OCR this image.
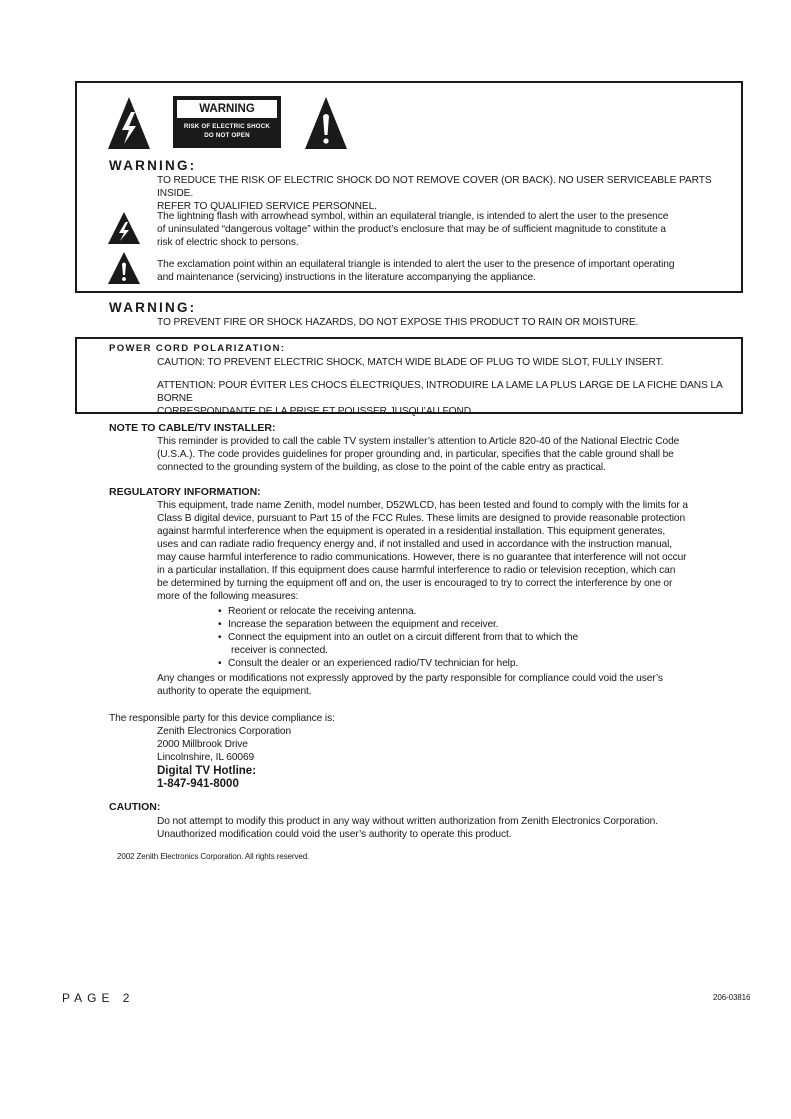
WARNING
RISK OF ELECTRIC SHOCK
DO NOT OPEN
WARNING:
TO REDUCE THE RISK OF ELECTRIC SHOCK DO NOT REMOVE COVER (OR BACK). NO USER SERVICEABLE PARTS INSIDE.
REFER TO QUALIFIED SERVICE PERSONNEL.
The lightning flash with arrowhead symbol, within an equilateral triangle, is intended to alert the user to the presence
of uninsulated “dangerous voltage” within the product’s enclosure that may be of sufficient magnitude to constitute a
risk of electric shock to persons.
The exclamation point within an equilateral triangle is intended to alert the user to the presence of important operating
and maintenance (servicing) instructions in the literature accompanying the appliance.
WARNING:
TO PREVENT FIRE OR SHOCK HAZARDS, DO NOT EXPOSE THIS PRODUCT TO RAIN OR MOISTURE.
POWER CORD POLARIZATION:
CAUTION: TO PREVENT ELECTRIC SHOCK, MATCH WIDE BLADE OF PLUG TO WIDE SLOT, FULLY INSERT.
ATTENTION: POUR ÉVITER LES CHOCS ÉLECTRIQUES, INTRODUIRE LA LAME LA PLUS LARGE DE LA FICHE DANS LA BORNE
CORRESPONDANTE DE LA PRISE ET POUSSER JUSQU’AU FOND.
NOTE TO CABLE/TV INSTALLER:
This reminder is provided to call the cable TV system installer’s attention to Article 820-40 of the National Electric Code
(U.S.A.). The code provides guidelines for proper grounding and, in particular, specifies that the cable ground shall be
connected to the grounding system of the building, as close to the point of the cable entry as practical.
REGULATORY INFORMATION:
This equipment, trade name Zenith, model number, D52WLCD, has been tested and found to comply with the limits for a
Class B digital device, pursuant to Part 15 of the FCC Rules. These limits are designed to provide reasonable protection
against harmful interference when the equipment is operated in a residential installation. This equipment generates,
uses and can radiate radio frequency energy and, if not installed and used in accordance with the instruction manual,
may cause harmful interference to radio communications. However, there is no guarantee that interference will not occur
in a particular installation. If this equipment does cause harmful interference to radio or television reception, which can
be determined by turning the equipment off and on, the user is encouraged to try to correct the interference by one or
more of the following measures:
• Reorient or relocate the receiving antenna.
• Increase the separation between the equipment and receiver.
• Connect the equipment into an outlet on a circuit different from that to which the
receiver is connected.
• Consult the dealer or an experienced radio/TV technician for help.
Any changes or modifications not expressly approved by the party responsible for compliance could void the user’s
authority to operate the equipment.
The responsible party for this device compliance is:
Zenith Electronics Corporation
2000 Millbrook Drive
Lincolnshire, IL 60069
Digital TV Hotline:
1-847-941-8000
CAUTION:
Do not attempt to modify this product in any way without written authorization from Zenith Electronics Corporation.
Unauthorized modification could void the user’s authority to operate this product.
2002 Zenith Electronics Corporation. All rights reserved.
PAGE 2	206-03816
